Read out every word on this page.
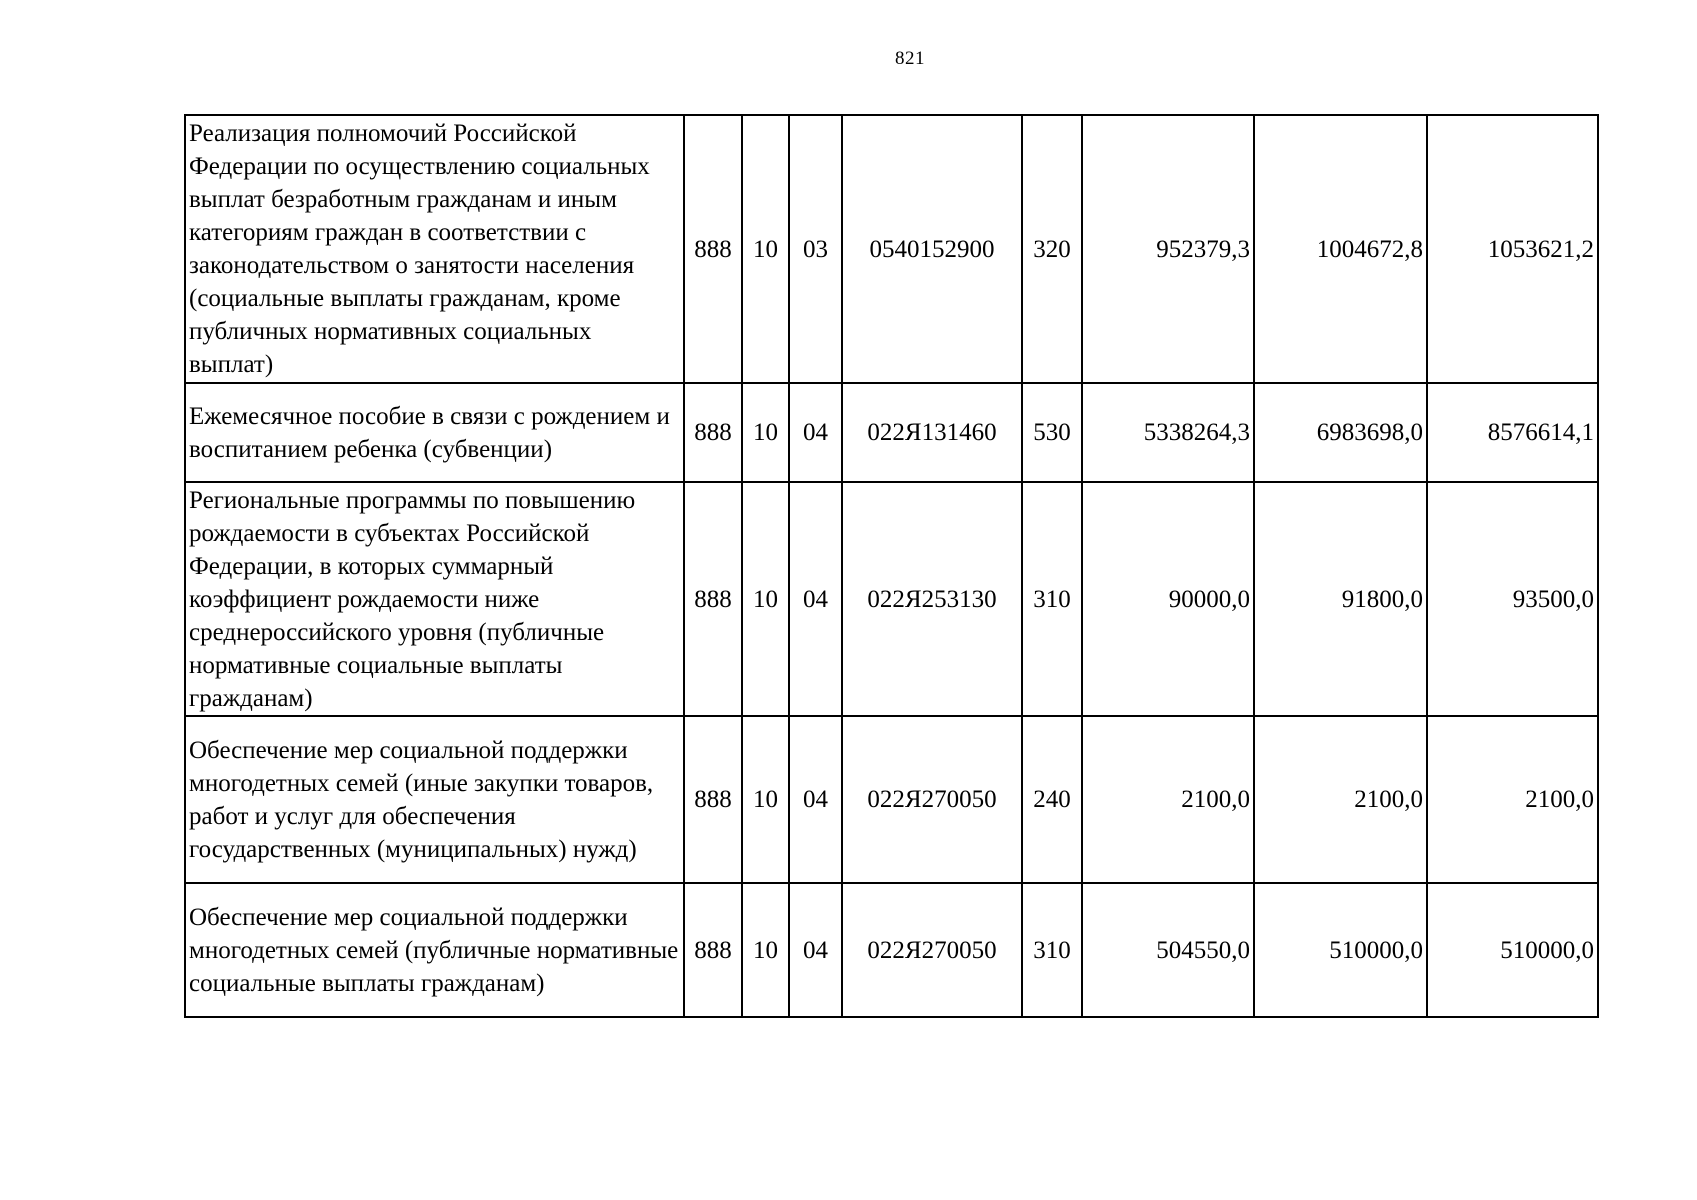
821
Реализация полномочий Российской Федерации по осуществлению социальных выплат безработным гражданам и иным категориям граждан в соответствии с законодательством о занятости населения (социальные выплаты гражданам, кроме публичных нормативных социальных выплат)	888	10	03	0540152900	320	952379,3	1004672,8	1053621,2
Ежемесячное пособие в связи с рождением и воспитанием ребенка (субвенции)	888	10	04	022Я131460	530	5338264,3	6983698,0	8576614,1
Региональные программы по повышению рождаемости в субъектах Российской Федерации, в которых суммарный коэффициент рождаемости ниже среднероссийского уровня (публичные нормативные социальные выплаты гражданам)	888	10	04	022Я253130	310	90000,0	91800,0	93500,0
Обеспечение мер социальной поддержки многодетных семей (иные закупки товаров, работ и услуг для обеспечения государственных (муниципальных) нужд)	888	10	04	022Я270050	240	2100,0	2100,0	2100,0
Обеспечение мер социальной поддержки многодетных семей (публичные нормативные социальные выплаты гражданам)	888	10	04	022Я270050	310	504550,0	510000,0	510000,0
